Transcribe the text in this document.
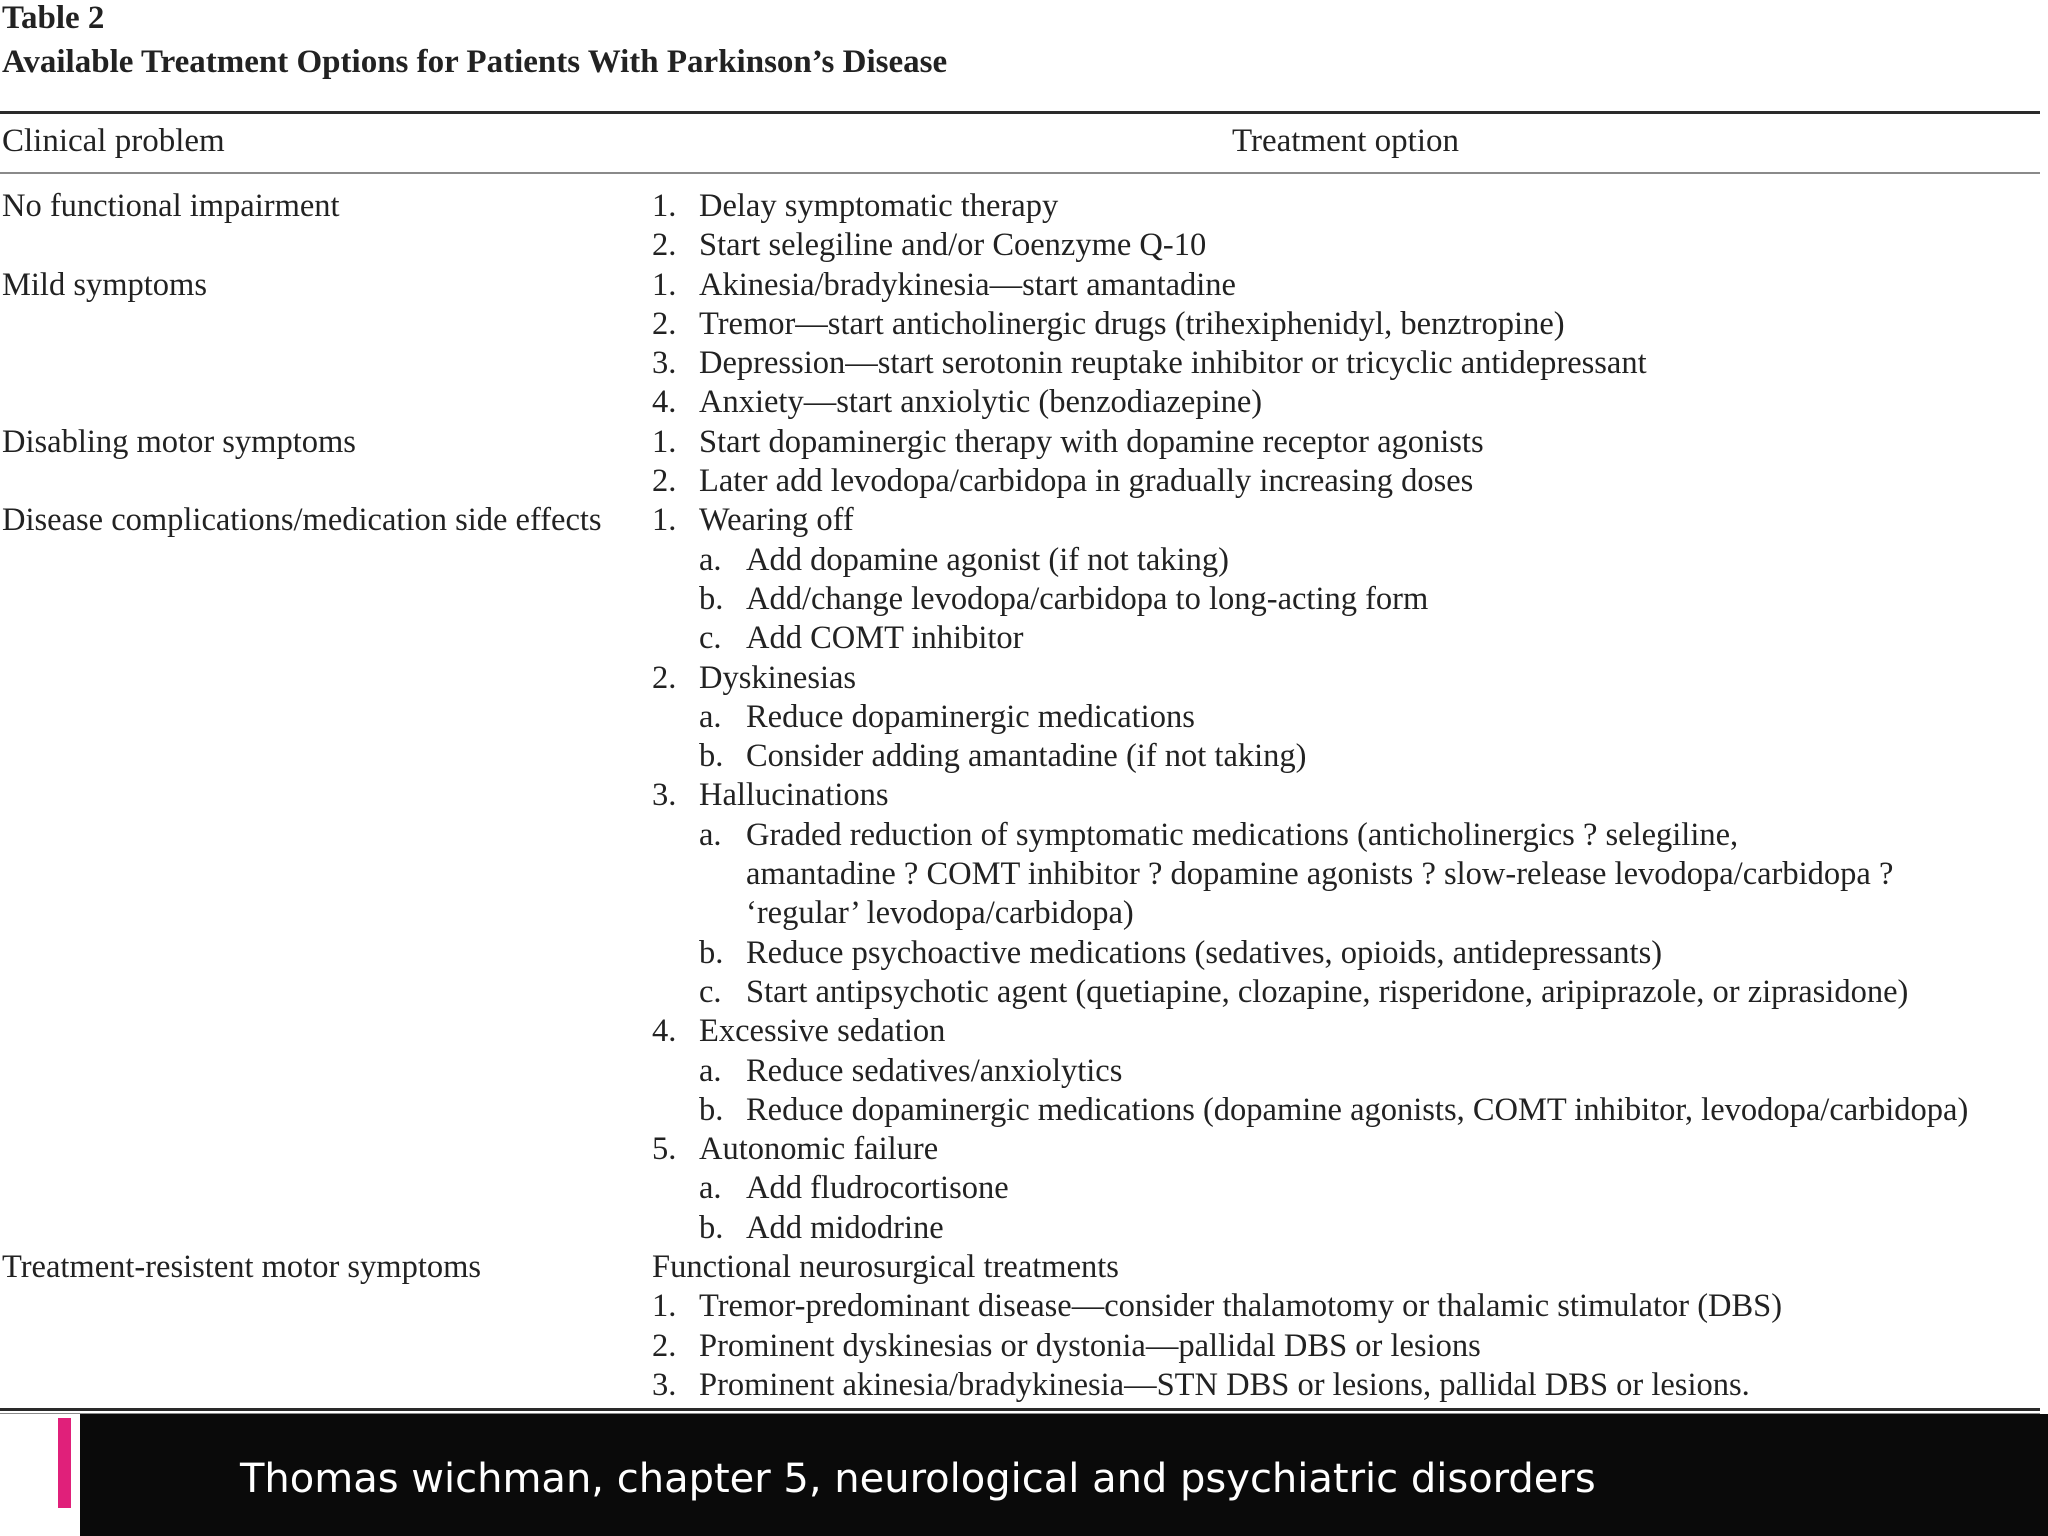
Table 2
Available Treatment Options for Patients With Parkinson’s Disease
Clinical problem	Treatment option
No functional impairment	1. Delay symptomatic therapy
2. Start selegiline and/or Coenzyme Q-10
Mild symptoms	1. Akinesia/bradykinesia—start amantadine
2. Tremor—start anticholinergic drugs (trihexiphenidyl, benztropine)
3. Depression—start serotonin reuptake inhibitor or tricyclic antidepressant
4. Anxiety—start anxiolytic (benzodiazepine)
Disabling motor symptoms	1. Start dopaminergic therapy with dopamine receptor agonists
2. Later add levodopa/carbidopa in gradually increasing doses
Disease complications/medication side effects 1. Wearing off
a. Add dopamine agonist (if not taking)
b. Add/change levodopa/carbidopa to long-acting form
c. Add COMT inhibitor
2. Dyskinesias
a. Reduce dopaminergic medications
b. Consider adding amantadine (if not taking)
3. Hallucinations
a. Graded reduction of symptomatic medications (anticholinergics ? selegiline,
amantadine ? COMT inhibitor ? dopamine agonists ? slow-release levodopa/carbidopa ?
‘regular’ levodopa/carbidopa)
b. Reduce psychoactive medications (sedatives, opioids, antidepressants)
c. Start antipsychotic agent (quetiapine, clozapine, risperidone, aripiprazole, or ziprasidone)
4. Excessive sedation
a. Reduce sedatives/anxiolytics
b. Reduce dopaminergic medications (dopamine agonists, COMT inhibitor, levodopa/carbidopa)
5. Autonomic failure
a. Add fludrocortisone
b. Add midodrine
Treatment-resistent motor symptoms	Functional neurosurgical treatments
1. Tremor-predominant disease—consider thalamotomy or thalamic stimulator (DBS)
2. Prominent dyskinesias or dystonia—pallidal DBS or lesions
3. Prominent akinesia/bradykinesia—STN DBS or lesions, pallidal DBS or lesions.
Thomas wichman, chapter 5, neurological and psychiatric disorders
